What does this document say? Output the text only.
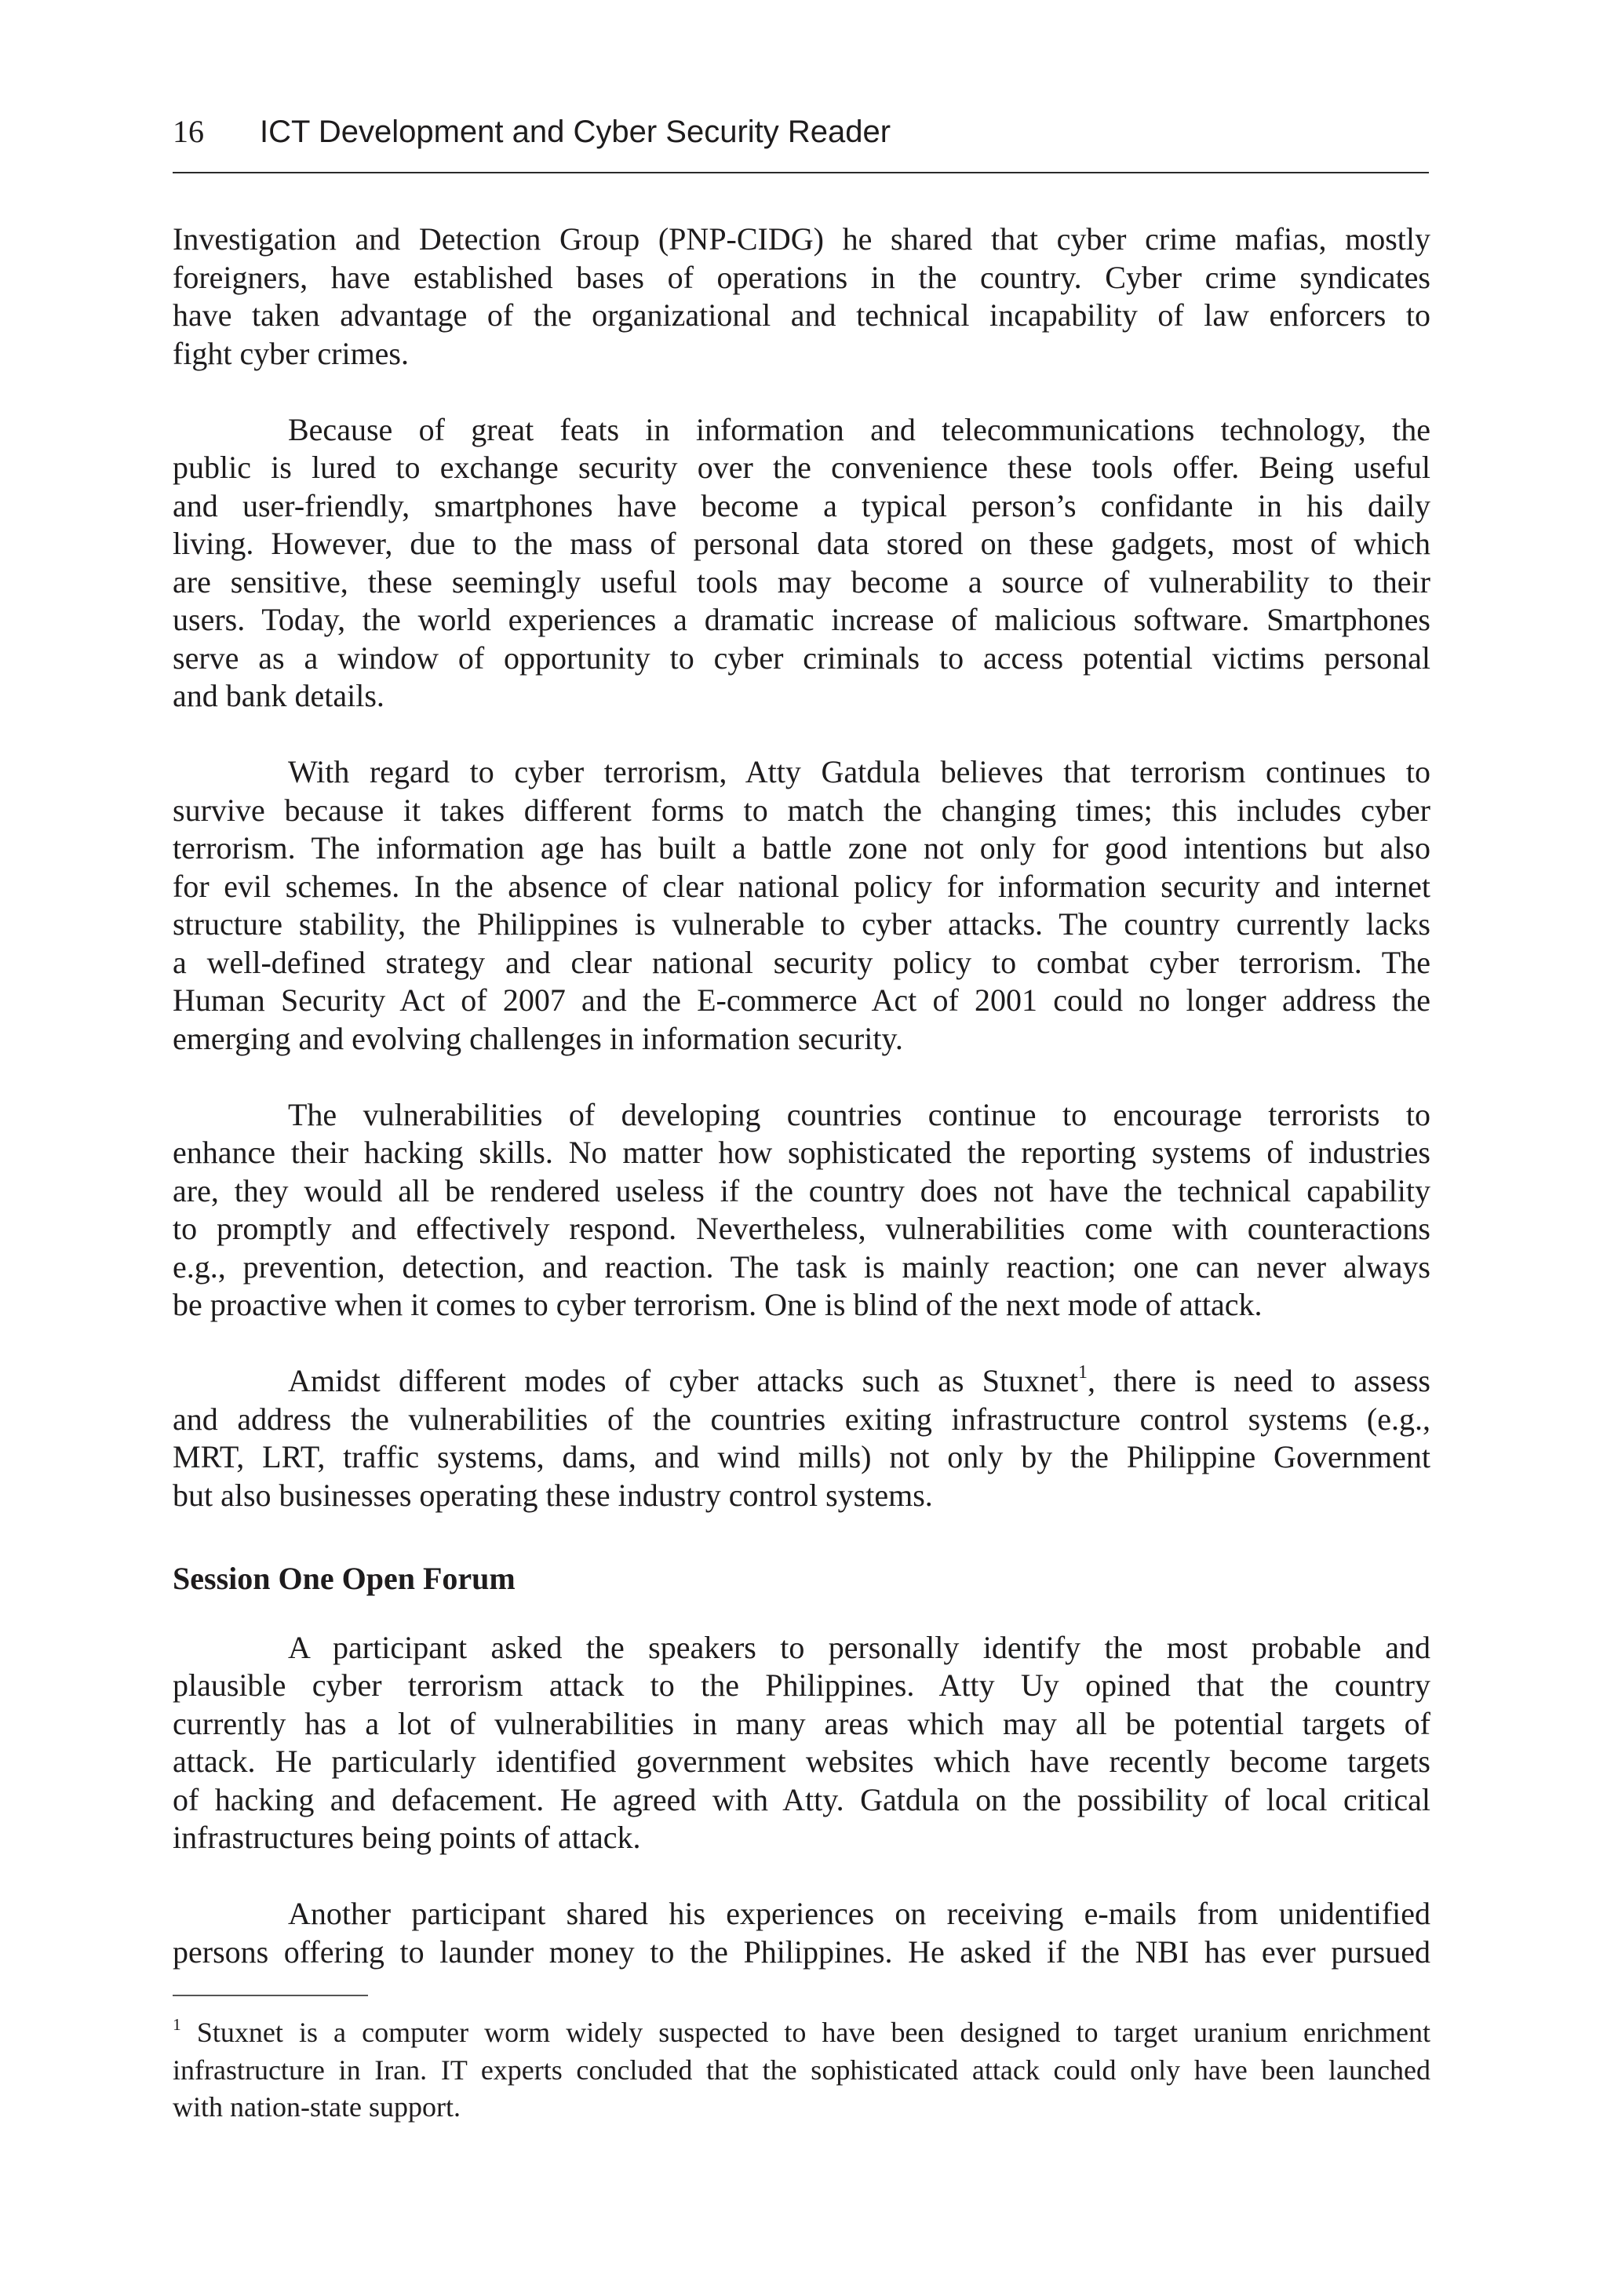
16 ICT Development and Cyber Security Reader
Investigation and Detection Group (PNP-CIDG) he shared that cyber crime mafias, mostly
foreigners, have established bases of operations in the country. Cyber crime syndicates
have taken advantage of the organizational and technical incapability of law enforcers to
fight cyber crimes.
Because of great feats in information and telecommunications technology, the
public is lured to exchange security over the convenience these tools offer. Being useful
and user-friendly, smartphones have become a typical person’s confidante in his daily
living. However, due to the mass of personal data stored on these gadgets, most of which
are sensitive, these seemingly useful tools may become a source of vulnerability to their
users. Today, the world experiences a dramatic increase of malicious software. Smartphones
serve as a window of opportunity to cyber criminals to access potential victims personal
and bank details.
With regard to cyber terrorism, Atty Gatdula believes that terrorism continues to
survive because it takes different forms to match the changing times; this includes cyber
terrorism. The information age has built a battle zone not only for good intentions but also
for evil schemes. In the absence of clear national policy for information security and internet
structure stability, the Philippines is vulnerable to cyber attacks. The country currently lacks
a well-defined strategy and clear national security policy to combat cyber terrorism. The
Human Security Act of 2007 and the E-commerce Act of 2001 could no longer address the
emerging and evolving challenges in information security.
The vulnerabilities of developing countries continue to encourage terrorists to
enhance their hacking skills. No matter how sophisticated the reporting systems of industries
are, they would all be rendered useless if the country does not have the technical capability
to promptly and effectively respond. Nevertheless, vulnerabilities come with counteractions
e.g., prevention, detection, and reaction. The task is mainly reaction; one can never always
be proactive when it comes to cyber terrorism. One is blind of the next mode of attack.
Amidst different modes of cyber attacks such as Stuxnet$^1$, there is need to assess
and address the vulnerabilities of the countries exiting infrastructure control systems (e.g.,
MRT, LRT, traffic systems, dams, and wind mills) not only by the Philippine Government
but also businesses operating these industry control systems.
Session One Open Forum
A participant asked the speakers to personally identify the most probable and
plausible cyber terrorism attack to the Philippines. Atty Uy opined that the country
currently has a lot of vulnerabilities in many areas which may all be potential targets of
attack. He particularly identified government websites which have recently become targets
of hacking and defacement. He agreed with Atty. Gatdula on the possibility of local critical
infrastructures being points of attack.
Another participant shared his experiences on receiving e-mails from unidentified
persons offering to launder money to the Philippines. He asked if the NBI has ever pursued
$^1$ Stuxnet is a computer worm widely suspected to have been designed to target uranium enrichment
infrastructure in Iran. IT experts concluded that the sophisticated attack could only have been launched
with nation-state support.
